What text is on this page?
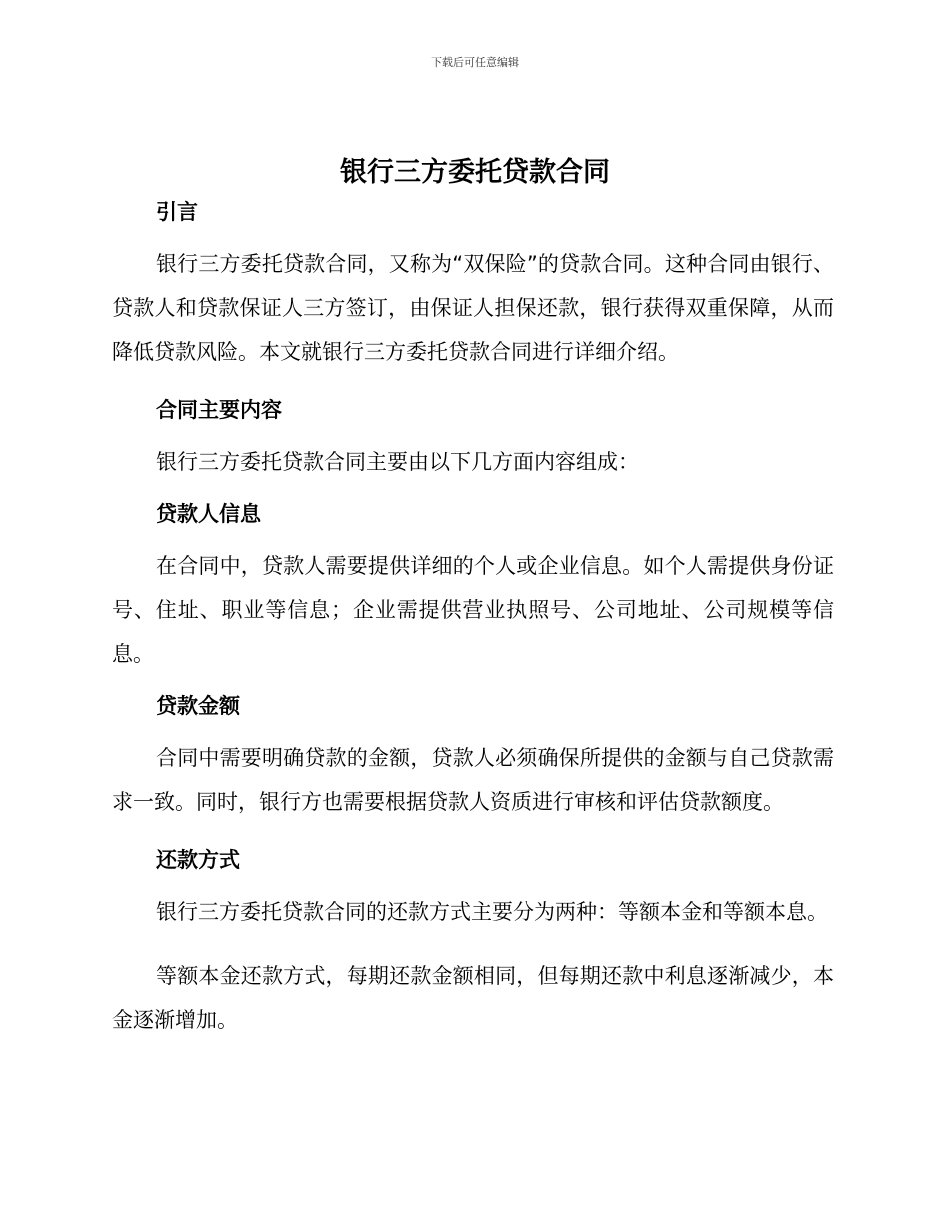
下载后可任意编辑
银行三方委托贷款合同
引言

银行三方委托贷款合同，又称为“双保险”的贷款合同。这种合同由银行、贷款人和贷款保证人三方签订，由保证人担保还款，银行获得双重保障，从而降低贷款风险。本文就银行三方委托贷款合同进行详细介绍。

合同主要内容

银行三方委托贷款合同主要由以下几方面内容组成：

贷款人信息

在合同中，贷款人需要提供详细的个人或企业信息。如个人需提供身份证号、住址、职业等信息；企业需提供营业执照号、公司地址、公司规模等信息。

贷款金额

合同中需要明确贷款的金额，贷款人必须确保所提供的金额与自己贷款需求一致。同时，银行方也需要根据贷款人资质进行审核和评估贷款额度。

还款方式

银行三方委托贷款合同的还款方式主要分为两种：等额本金和等额本息。

等额本金还款方式，每期还款金额相同，但每期还款中利息逐渐减少，本金逐渐增加。
